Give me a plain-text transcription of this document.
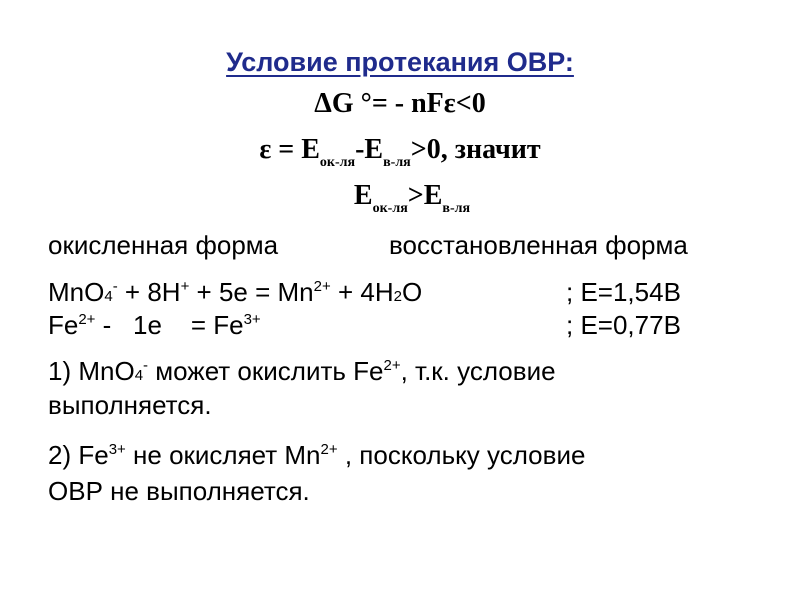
Условие протекания ОВР:
ΔG °= - nFε<0
$\varepsilon = E_{ок-ля}-E_{в-ля}>0$, значит
$E_{ок-ля}>E_{в-ля}$
окисленная форма	восстановленная форма
$MnO4^- + 8H^+ + 5e = Mn^{2+} + 4H2O$	; E=1,54B
$Fe^{2+} - 1e$    = $Fe^{3+}$	; E=0,77B
1) MnO4- может окислить $Fe^{2+}$, т.к. условие
выполняется.
2) $Fe^{3+}$ не окисляет $Mn^{2+}$ , поскольку условие
ОВР не выполняется.
